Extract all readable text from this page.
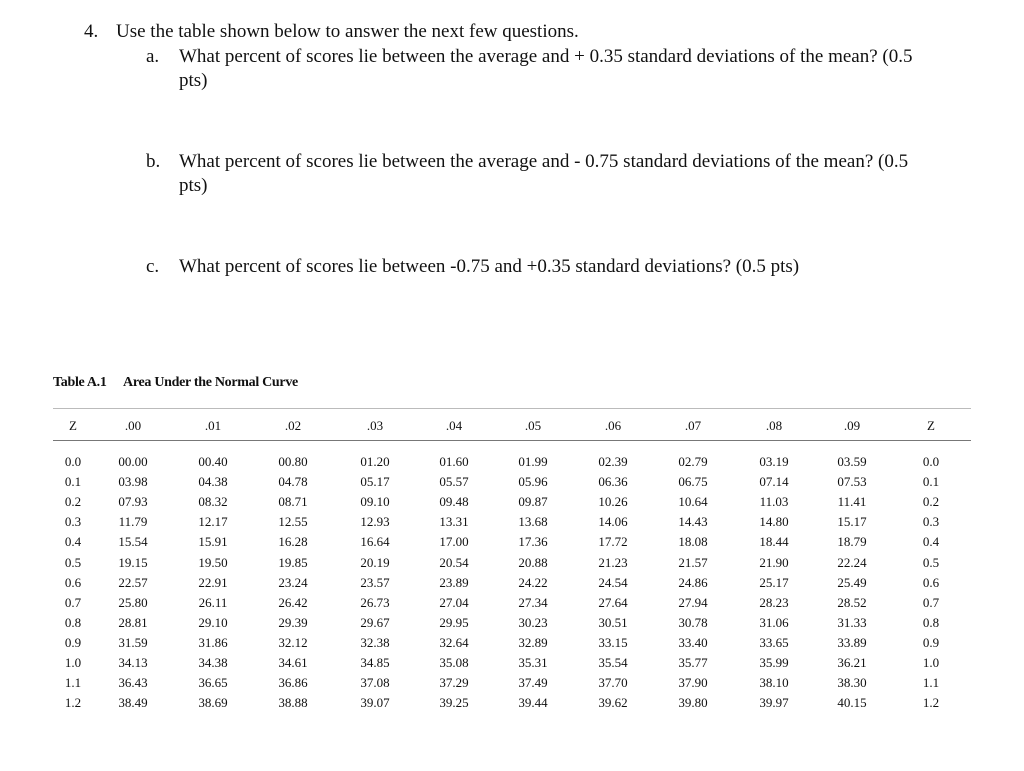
4. Use the table shown below to answer the next few questions.
a. What percent of scores lie between the average and + 0.35 standard deviations of the mean? (0.5
pts)
b. What percent of scores lie between the average and - 0.75 standard deviations of the mean? (0.5
pts)
c. What percent of scores lie between -0.75 and +0.35 standard deviations? (0.5 pts)
Table A.1 Area Under the Normal Curve
Z	.00	.01	.02	.03	.04	.05	.06	.07	.08	.09	Z
0.0	00.00	00.40	00.80	01.20	01.60	01.99	02.39	02.79	03.19	03.59	0.0
0.1	03.98	04.38	04.78	05.17	05.57	05.96	06.36	06.75	07.14	07.53	0.1
0.2	07.93	08.32	08.71	09.10	09.48	09.87	10.26	10.64	11.03	11.41	0.2
0.3	11.79	12.17	12.55	12.93	13.31	13.68	14.06	14.43	14.80	15.17	0.3
0.4	15.54	15.91	16.28	16.64	17.00	17.36	17.72	18.08	18.44	18.79	0.4
0.5	19.15	19.50	19.85	20.19	20.54	20.88	21.23	21.57	21.90	22.24	0.5
0.6	22.57	22.91	23.24	23.57	23.89	24.22	24.54	24.86	25.17	25.49	0.6
0.7	25.80	26.11	26.42	26.73	27.04	27.34	27.64	27.94	28.23	28.52	0.7
0.8	28.81	29.10	29.39	29.67	29.95	30.23	30.51	30.78	31.06	31.33	0.8
0.9	31.59	31.86	32.12	32.38	32.64	32.89	33.15	33.40	33.65	33.89	0.9
1.0	34.13	34.38	34.61	34.85	35.08	35.31	35.54	35.77	35.99	36.21	1.0
1.1	36.43	36.65	36.86	37.08	37.29	37.49	37.70	37.90	38.10	38.30	1.1
1.2	38.49	38.69	38.88	39.07	39.25	39.44	39.62	39.80	39.97	40.15	1.2
